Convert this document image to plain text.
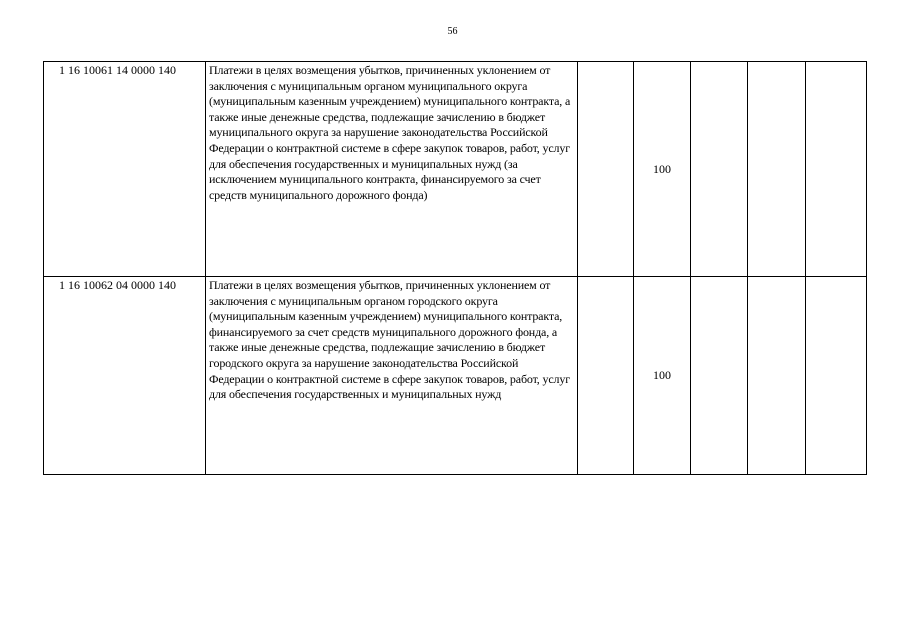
56
1 16 10061 14 0000 140	Платежи в целях возмещения убытков, причиненных уклонением от заключения с муниципальным органом муниципального округа (муниципальным казенным учреждением) муниципального контракта, а также иные денежные средства, подлежащие зачислению в бюджет муниципального округа за нарушение законодательства Российской Федерации о контрактной системе в сфере закупок товаров, работ, услуг для обеспечения государственных и муниципальных нужд (за исключением муниципального контракта, финансируемого за счет средств муниципального дорожного фонда)		100			
1 16 10062 04 0000 140	Платежи в целях возмещения убытков, причиненных уклонением от заключения с муниципальным органом городского округа (муниципальным казенным учреждением) муниципального контракта, финансируемого за счет средств муниципального дорожного фонда, а также иные денежные средства, подлежащие зачислению в бюджет городского округа за нарушение законодательства Российской Федерации о контрактной системе в сфере закупок товаров, работ, услуг для обеспечения государственных и муниципальных нужд		100			
